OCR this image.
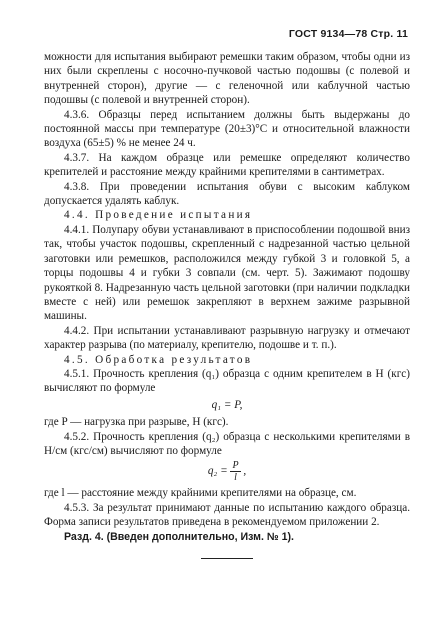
ГОСТ 9134—78 Стр. 11

можности для испытания выбирают ремешки таким образом, чтобы одни из них были скреплены с носочно-пучковой частью подошвы (с полевой и внутренней сторон), другие — с геленочной или каблучной частью подошвы (с полевой и внутренней сторон).

4.3.6. Образцы перед испытанием должны быть выдержаны до постоянной массы при температуре (20±3)°С и относительной влажности воздуха (65±5) % не менее 24 ч.

4.3.7. На каждом образце или ремешке определяют количество крепителей и расстояние между крайними крепителями в сантиметрах.

4.3.8. При проведении испытания обуви с высоким каблуком допускается удалять каблук.

4.4. Проведение испытания

4.4.1. Полупару обуви устанавливают в приспособлении подошвой вниз так, чтобы участок подошвы, скрепленный с надрезанной частью цельной заготовки или ремешков, расположился между губкой 3 и головкой 5, а торцы подошвы 4 и губки 3 совпали (см. черт. 5). Зажимают подошву рукояткой 8. Надрезанную часть цельной заготовки (при наличии подкладки вместе с ней) или ремешок закрепляют в верхнем зажиме разрывной машины.

4.4.2. При испытании устанавливают разрывную нагрузку и отмечают характер разрыва (по материалу, крепителю, подошве и т. п.).

4.5. Обработка результатов

4.5.1. Прочность крепления (q₁) образца с одним крепителем в Н (кгс) вычисляют по формуле

q₁ = P,

где P — нагрузка при разрыве, Н (кгс).

4.5.2. Прочность крепления (q₂) образца с несколькими крепителями в Н/см (кгс/см) вычисляют по формуле

$q_2 = \frac{P}{l}$ ,

где l — расстояние между крайними крепителями на образце, см.

4.5.3. За результат принимают данные по испытанию каждого образца. Форма записи результатов приведена в рекомендуемом приложении 2.

Разд. 4. (Введен дополнительно, Изм. № 1).
